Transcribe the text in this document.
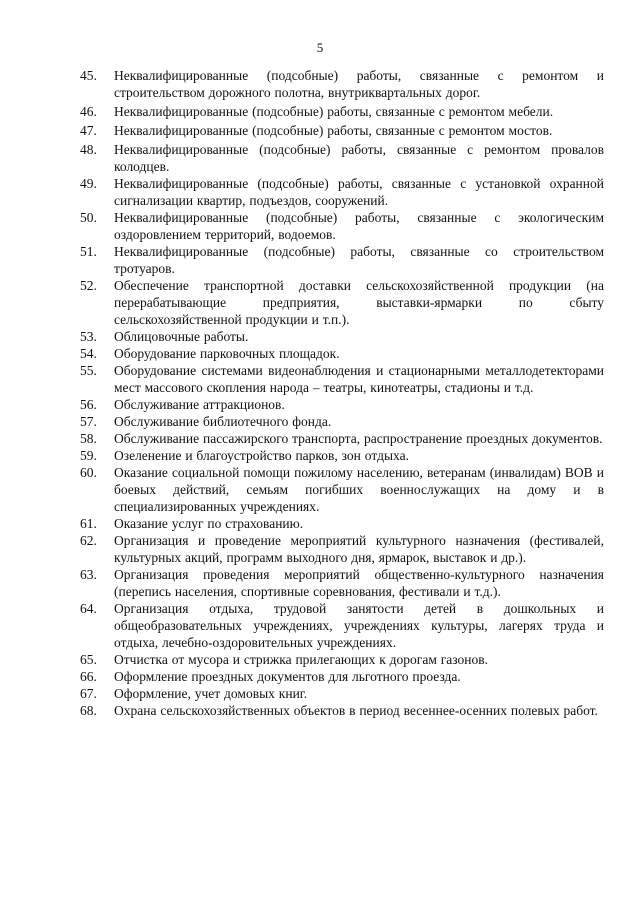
5
45.	Неквалифицированные (подсобные) работы, связанные с ремонтом и строительством дорожного полотна, внутриквартальных дорог.
46.	Неквалифицированные (подсобные) работы, связанные с ремонтом мебели.
47.	Неквалифицированные (подсобные) работы, связанные с ремонтом мостов.
48.	Неквалифицированные (подсобные) работы, связанные с ремонтом провалов колодцев.
49.	Неквалифицированные (подсобные) работы, связанные с установкой охранной сигнализации квартир, подъездов, сооружений.
50.	Неквалифицированные (подсобные) работы, связанные с экологическим оздоровлением территорий, водоемов.
51.	Неквалифицированные (подсобные) работы, связанные со строительством тротуаров.
52.	Обеспечение транспортной доставки сельскохозяйственной продукции (на перерабатывающие предприятия, выставки-ярмарки по сбыту сельскохозяйственной продукции и т.п.).
53.	Облицовочные работы.
54.	Оборудование парковочных площадок.
55.	Оборудование системами видеонаблюдения и стационарными металлодетекторами мест массового скопления народа – театры, кинотеатры, стадионы и т.д.
56.	Обслуживание аттракционов.
57.	Обслуживание библиотечного фонда.
58.	Обслуживание пассажирского транспорта, распространение проездных документов.
59.	Озеленение и благоустройство парков, зон отдыха.
60.	Оказание социальной помощи пожилому населению, ветеранам (инвалидам) ВОВ и боевых действий, семьям погибших военнослужащих на дому и в специализированных учреждениях.
61.	Оказание услуг по страхованию.
62.	Организация и проведение мероприятий культурного назначения (фестивалей, культурных акций, программ выходного дня, ярмарок, выставок и др.).
63.	Организация проведения мероприятий общественно-культурного назначения (перепись населения, спортивные соревнования, фестивали и т.д.).
64.	Организация отдыха, трудовой занятости детей в дошкольных и общеобразовательных учреждениях, учреждениях культуры, лагерях труда и отдыха, лечебно-оздоровительных учреждениях.
65.	Отчистка от мусора и стрижка прилегающих к дорогам газонов.
66.	Оформление проездных документов для льготного проезда.
67.	Оформление, учет домовых книг.
68.	Охрана сельскохозяйственных объектов в период весеннее-осенних полевых работ.
